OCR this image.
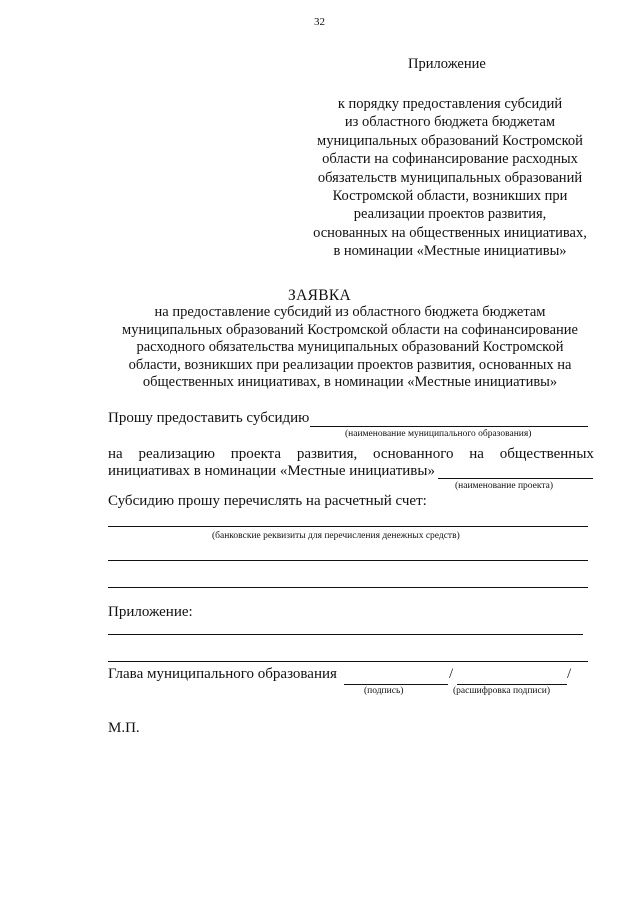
32
Приложение
к порядку предоставления субсидий
из областного бюджета бюджетам
муниципальных образований Костромской
области на софинансирование расходных
обязательств муниципальных образований
Костромской области, возникших при
реализации проектов развития,
основанных на общественных инициативах,
в номинации «Местные инициативы»
ЗАЯВКА
на предоставление субсидий из областного бюджета бюджетам
муниципальных образований Костромской области на софинансирование
расходного обязательства муниципальных образований Костромской
области, возникших при реализации проектов развития, основанных на
общественных инициативах, в номинации «Местные инициативы»
Прошу предоставить субсидию
(наименование муниципального образования)
на реализацию проекта развития, основанного на общественных
инициативах в номинации «Местные инициативы»
(наименование проекта)
Субсидию прошу перечислять на расчетный счет:
(банковские реквизиты для перечисления денежных средств)
Приложение:
Глава муниципального образования	/	/
(подпись)	(расшифровка подписи)
М.П.
